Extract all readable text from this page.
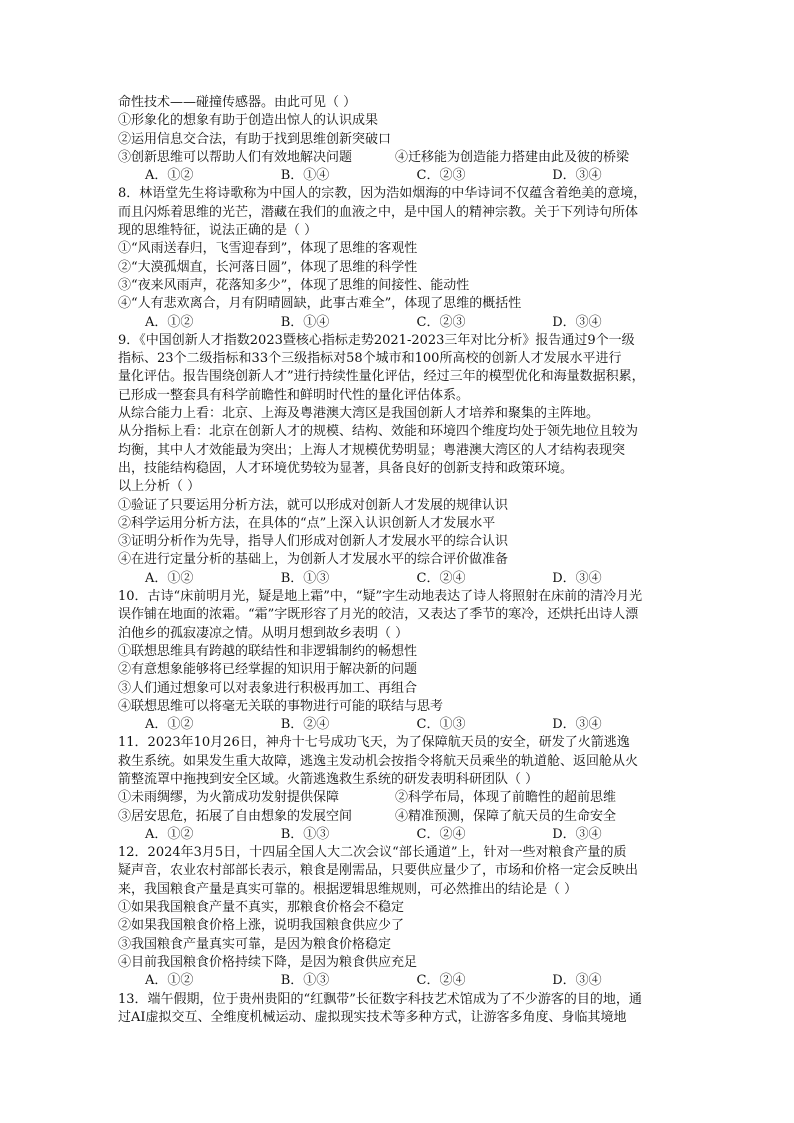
命性技术——碰撞传感器。由此可见（ ）
①形象化的想象有助于创造出惊人的认识成果
②运用信息交合法，有助于找到思维创新突破口
③创新思维可以帮助人们有效地解决问题	④迁移能为创造能力搭建由此及彼的桥梁
A．①②	B．①④	C．②③	D．③④
8．林语堂先生将诗歌称为中国人的宗教，因为浩如烟海的中华诗词不仅蕴含着绝美的意境，
而且闪烁着思维的光芒，潜藏在我们的血液之中，是中国人的精神宗教。关于下列诗句所体
现的思维特征，说法正确的是（ ）
①“风雨送春归，飞雪迎春到”，体现了思维的客观性
②“大漠孤烟直，长河落日圆”，体现了思维的科学性
③“夜来风雨声，花落知多少”，体现了思维的间接性、能动性
④“人有悲欢离合，月有阴晴圆缺，此事古难全”，体现了思维的概括性
A．①②	B．①④	C．②③	D．③④
9．《中国创新人才指数2023暨核心指标走势2021-2023三年对比分析》报告通过9个一级
指标、23个二级指标和33个三级指标对58个城市和100所高校的创新人才发展水平进行
量化评估。报告围绕创新人才”进行持续性量化评估，经过三年的模型优化和海量数据积累，
已形成一整套具有科学前瞻性和鲜明时代性的量化评估体系。
从综合能力上看：北京、上海及粤港澳大湾区是我国创新人才培养和聚集的主阵地。
从分指标上看：北京在创新人才的规模、结构、效能和环境四个维度均处于领先地位且较为
均衡，其中人才效能最为突出；上海人才规模优势明显；粤港澳大湾区的人才结构表现突
出，技能结构稳固，人才环境优势较为显著，具备良好的创新支持和政策环境。
以上分析（ ）
①验证了只要运用分析方法，就可以形成对创新人才发展的规律认识
②科学运用分析方法，在具体的“点”上深入认识创新人才发展水平
③证明分析作为先导，指导人们形成对创新人才发展水平的综合认识
④在进行定量分析的基础上，为创新人才发展水平的综合评价做准备
A．①②	B．①③	C．②④	D．③④
10．古诗“床前明月光，疑是地上霜”中，“疑”字生动地表达了诗人将照射在床前的清冷月光
误作铺在地面的浓霜。“霜”字既形容了月光的皎洁，又表达了季节的寒冷，还烘托出诗人漂
泊他乡的孤寂凄凉之情。从明月想到故乡表明（ ）
①联想思维具有跨越的联结性和非逻辑制约的畅想性
②有意想象能够将已经掌握的知识用于解决新的问题
③人们通过想象可以对表象进行积极再加工、再组合
④联想思维可以将毫无关联的事物进行可能的联结与思考
A．①②	B．②④	C．①③	D．③④
11．2023年10月26日，神舟十七号成功飞天，为了保障航天员的安全，研发了火箭逃逸
救生系统。如果发生重大故障，逃逸主发动机会按指令将航天员乘坐的轨道舱、返回舱从火
箭整流罩中拖拽到安全区域。火箭逃逸救生系统的研发表明科研团队（ ）
①未雨绸缪，为火箭成功发射提供保障	②科学布局，体现了前瞻性的超前思维
③居安思危，拓展了自由想象的发展空间	④精准预测，保障了航天员的生命安全
A．①②	B．①③	C．②④	D．③④
12．2024年3月5日，十四届全国人大二次会议“部长通道”上，针对一些对粮食产量的质
疑声音，农业农村部部长表示，粮食是刚需品，只要供应量少了，市场和价格一定会反映出
来，我国粮食产量是真实可靠的。根据逻辑思维规则，可必然推出的结论是（ ）
①如果我国粮食产量不真实，那粮食价格会不稳定
②如果我国粮食价格上涨，说明我国粮食供应少了
③我国粮食产量真实可靠，是因为粮食价格稳定
④目前我国粮食价格持续下降，是因为粮食供应充足
A．①②	B．①③	C．②④	D．③④
13．端午假期，位于贵州贵阳的“红飘带”长征数字科技艺术馆成为了不少游客的目的地，通
过AI虚拟交互、全维度机械运动、虚拟现实技术等多种方式，让游客多角度、身临其境地
